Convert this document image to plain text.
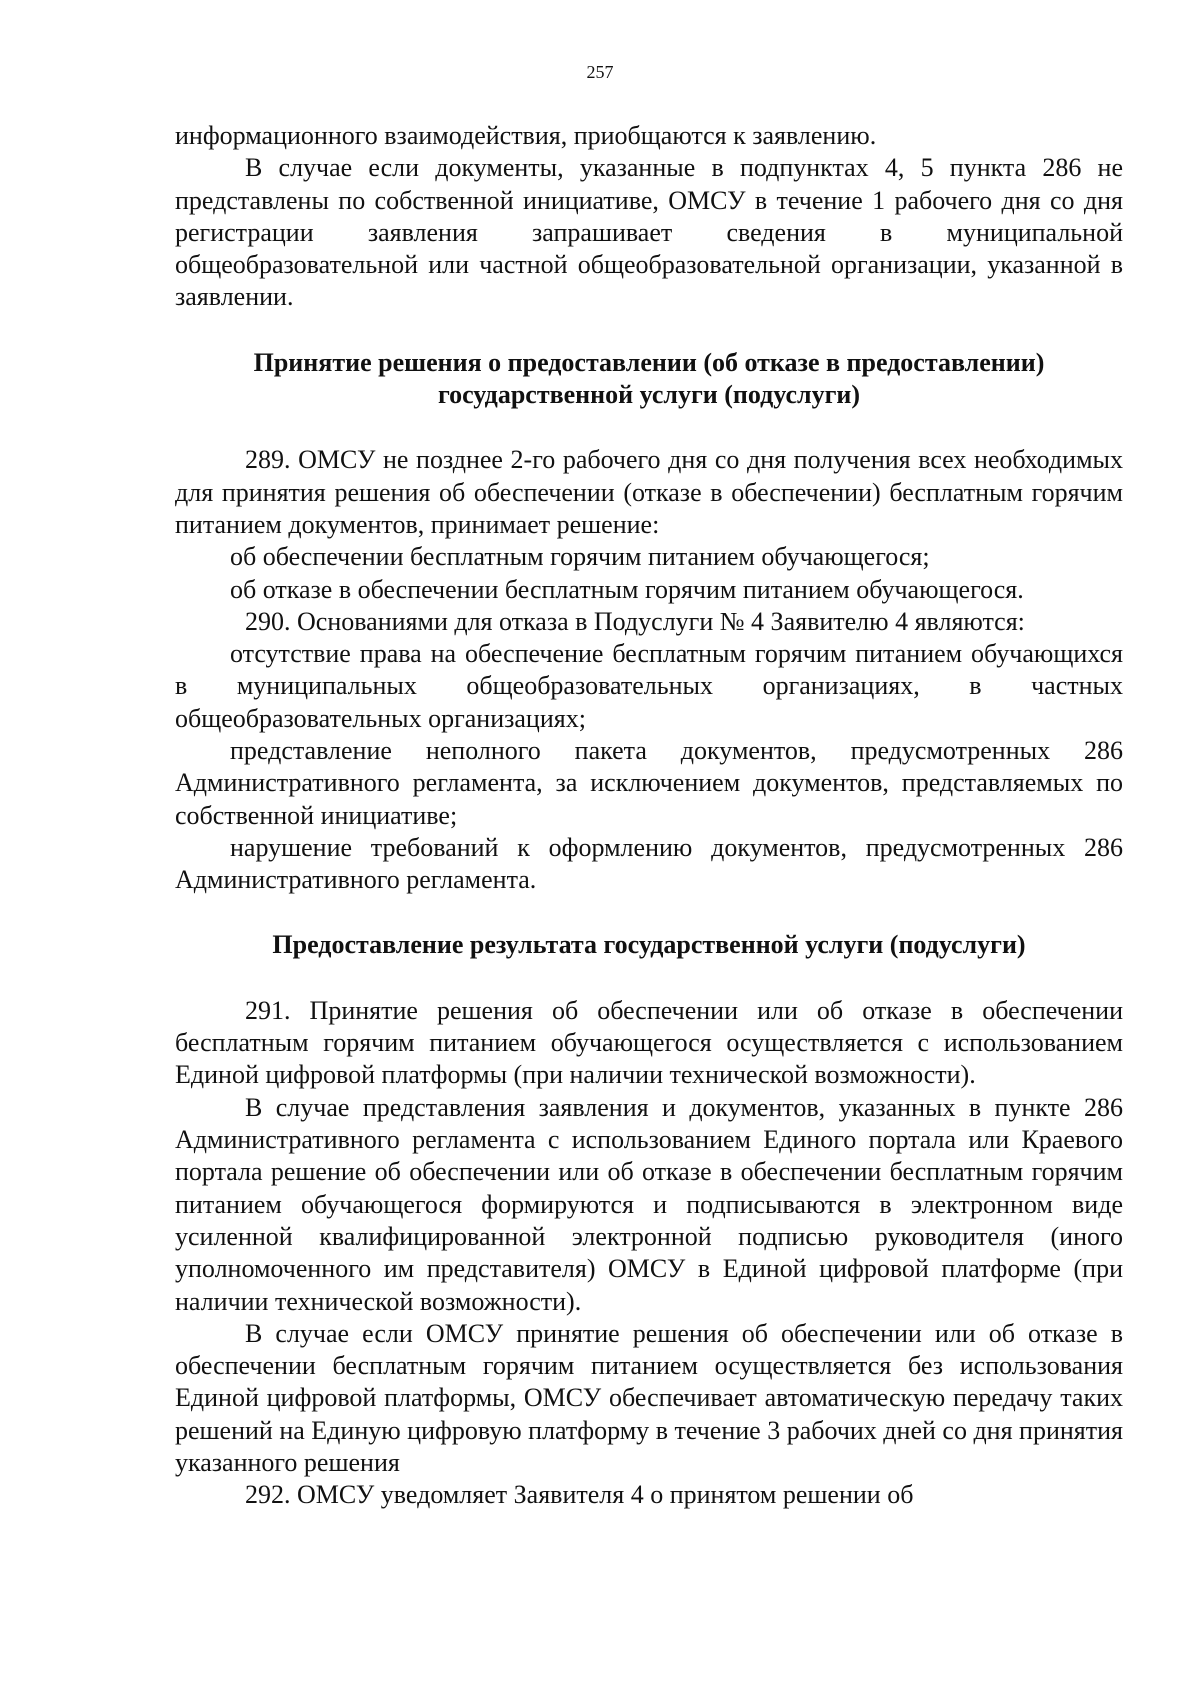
257

информационного взаимодействия, приобщаются к заявлению.

В случае если документы, указанные в подпунктах 4, 5 пункта 286 не представлены по собственной инициативе, ОМСУ в течение 1 рабочего дня со дня регистрации заявления запрашивает сведения в муниципальной общеобразовательной или частной общеобразовательной организации, указанной в заявлении.

Принятие решения о предоставлении (об отказе в предоставлении)
государственной услуги (подуслуги)

289. ОМСУ не позднее 2-го рабочего дня со дня получения всех необходимых для принятия решения об обеспечении (отказе в обеспечении) бесплатным горячим питанием документов, принимает решение:

об обеспечении бесплатным горячим питанием обучающегося;

об отказе в обеспечении бесплатным горячим питанием обучающегося.

290. Основаниями для отказа в Подуслуги № 4 Заявителю 4 являются:

отсутствие права на обеспечение бесплатным горячим питанием обучающихся в муниципальных общеобразовательных организациях, в частных общеобразовательных организациях;

представление неполного пакета документов, предусмотренных 286 Административного регламента, за исключением документов, представляемых по собственной инициативе;

нарушение требований к оформлению документов, предусмотренных 286 Административного регламента.

Предоставление результата государственной услуги (подуслуги)

291. Принятие решения об обеспечении или об отказе в обеспечении бесплатным горячим питанием обучающегося осуществляется с использованием Единой цифровой платформы (при наличии технической возможности).

В случае представления заявления и документов, указанных в пункте 286 Административного регламента с использованием Единого портала или Краевого портала решение об обеспечении или об отказе в обеспечении бесплатным горячим питанием обучающегося формируются и подписываются в электронном виде усиленной квалифицированной электронной подписью руководителя (иного уполномоченного им представителя) ОМСУ в Единой цифровой платформе (при наличии технической возможности).

В случае если ОМСУ принятие решения об обеспечении или об отказе в обеспечении бесплатным горячим питанием осуществляется без использования Единой цифровой платформы, ОМСУ обеспечивает автоматическую передачу таких решений на Единую цифровую платформу в течение 3 рабочих дней со дня принятия указанного решения

292. ОМСУ уведомляет Заявителя 4 о принятом решении об
